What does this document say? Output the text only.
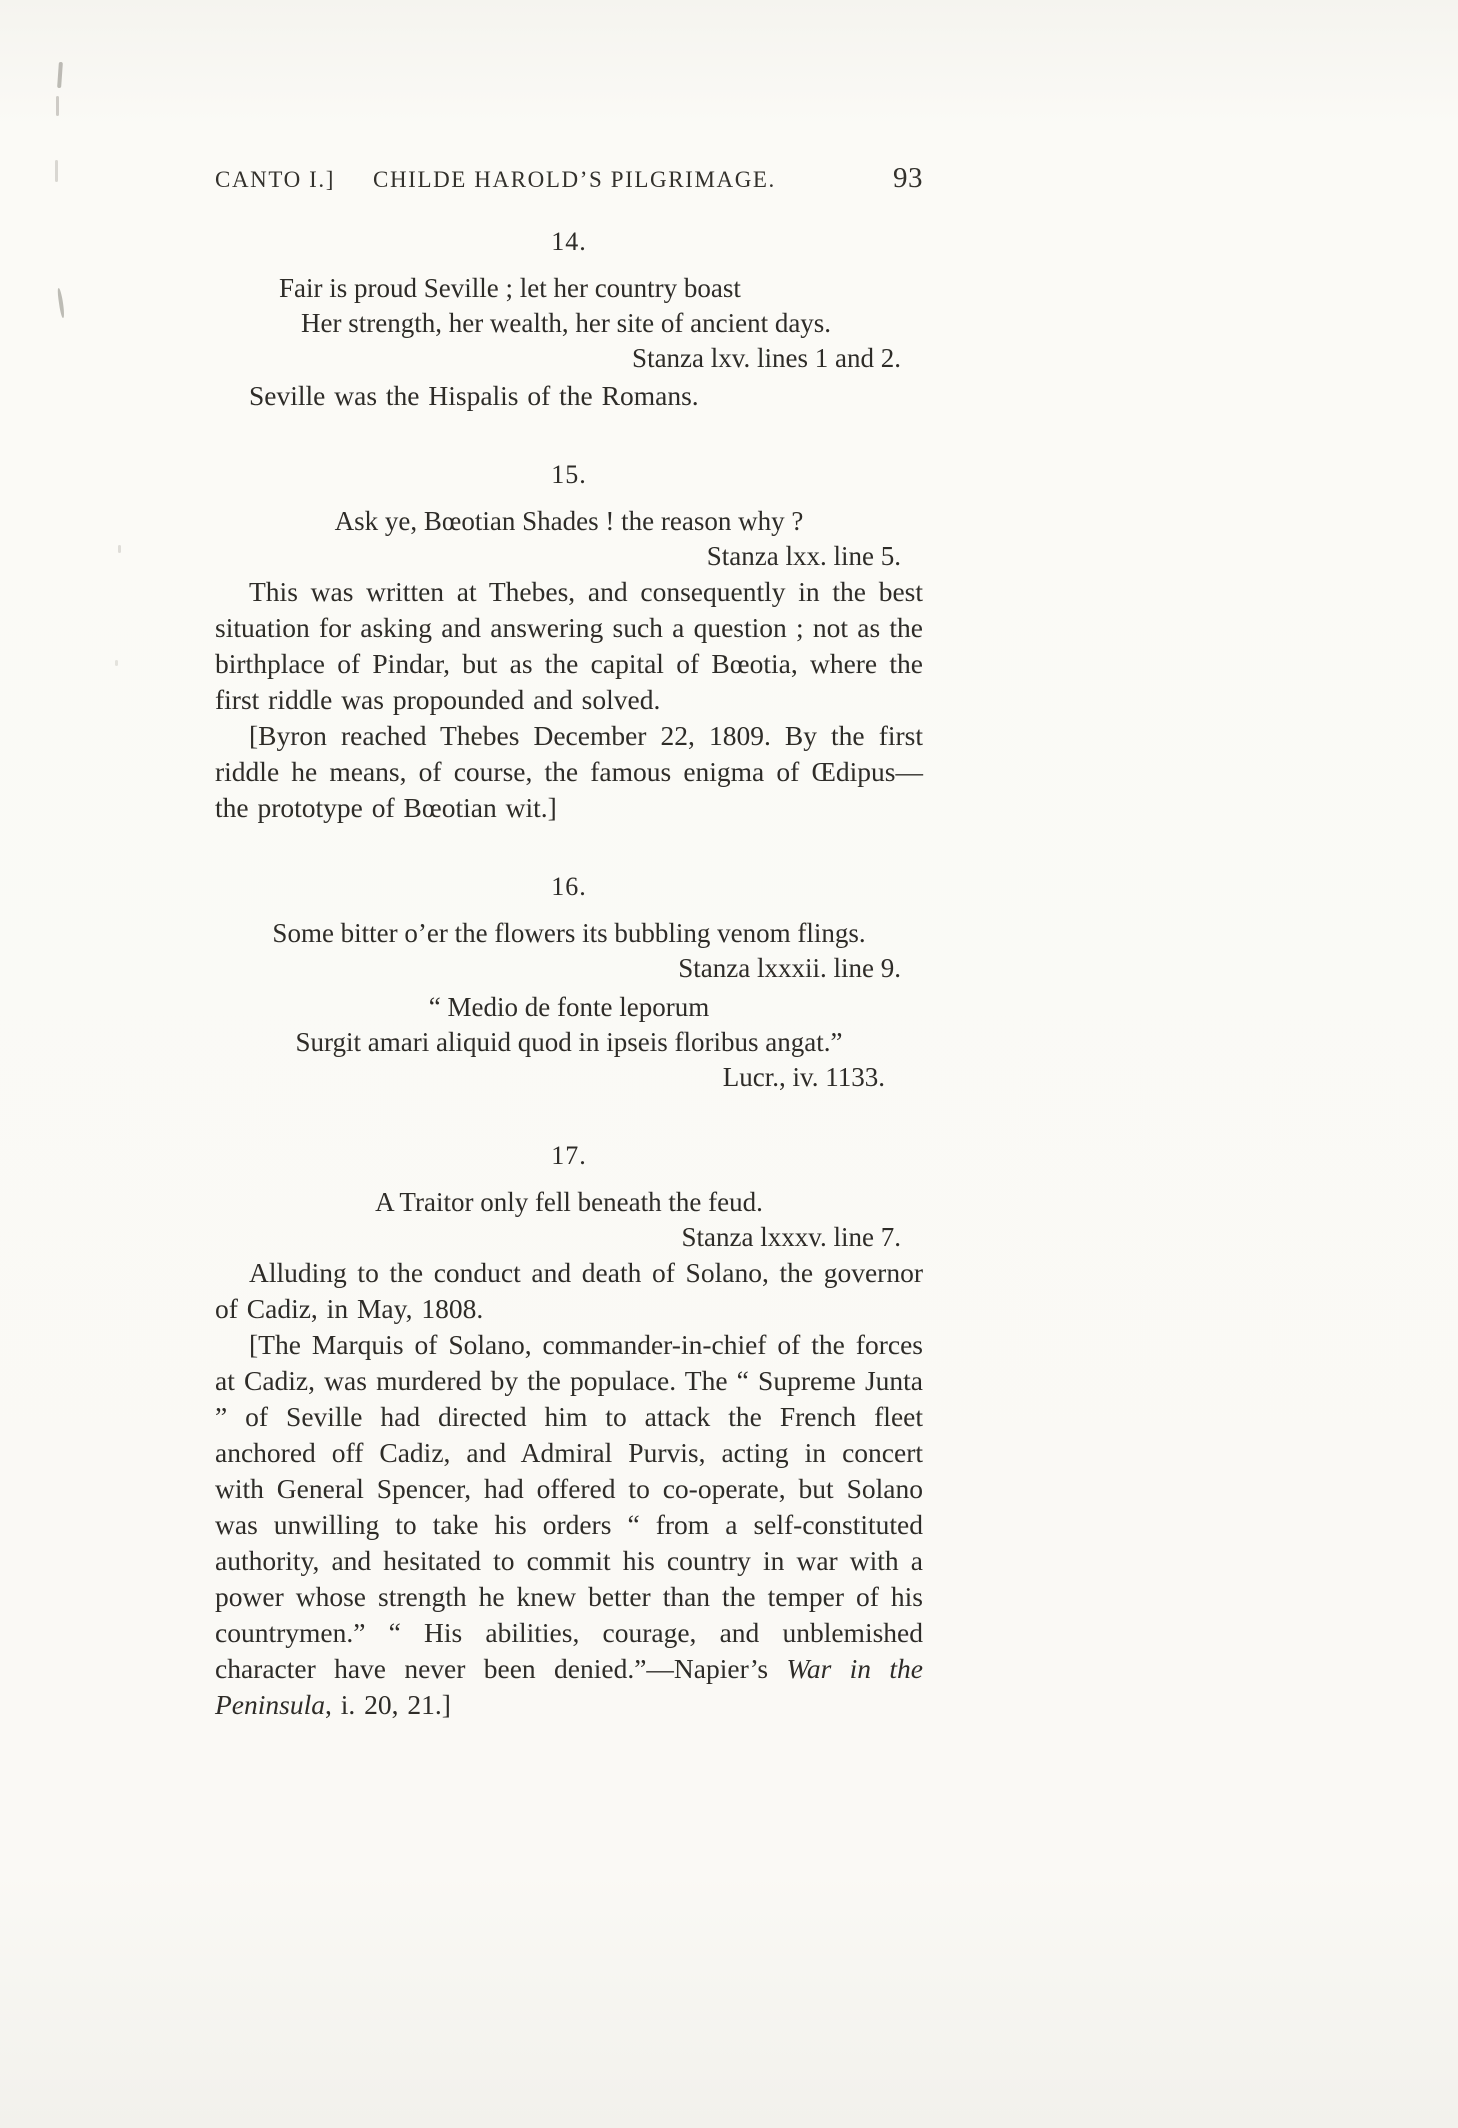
CANTO I.] CHILDE HAROLD’S PILGRIMAGE.	93
14.
Fair is proud Seville ; let her country boast
Her strength, her wealth, her site of ancient days.
Stanza lxv. lines 1 and 2.

Seville was the Hispalis of the Romans.

15.
Ask ye, Bœotian Shades ! the reason why ?
Stanza lxx. line 5.

This was written at Thebes, and consequently in the best situation for asking and answering such a question ; not as the birthplace of Pindar, but as the capital of Bœotia, where the first riddle was propounded and solved.

[Byron reached Thebes December 22, 1809. By the first riddle he means, of course, the famous enigma of Œdipus—the prototype of Bœotian wit.]

16.
Some bitter o’er the flowers its bubbling venom flings.
Stanza lxxxii. line 9.
“ Medio de fonte leporum
Surgit amari aliquid quod in ipseis floribus angat.”
Lucr., iv. 1133.
17.
A Traitor only fell beneath the feud.
Stanza lxxxv. line 7.

Alluding to the conduct and death of Solano, the governor of Cadiz, in May, 1808.

[The Marquis of Solano, commander-in-chief of the forces at Cadiz, was murdered by the populace. The “ Supreme Junta ” of Seville had directed him to attack the French fleet anchored off Cadiz, and Admiral Purvis, acting in concert with General Spencer, had offered to co-operate, but Solano was unwilling to take his orders “ from a self-constituted authority, and hesitated to commit his country in war with a power whose strength he knew better than the temper of his countrymen.” “ His abilities, courage, and unblemished character have never been denied.”—Napier’s War in the Peninsula, i. 20, 21.]
